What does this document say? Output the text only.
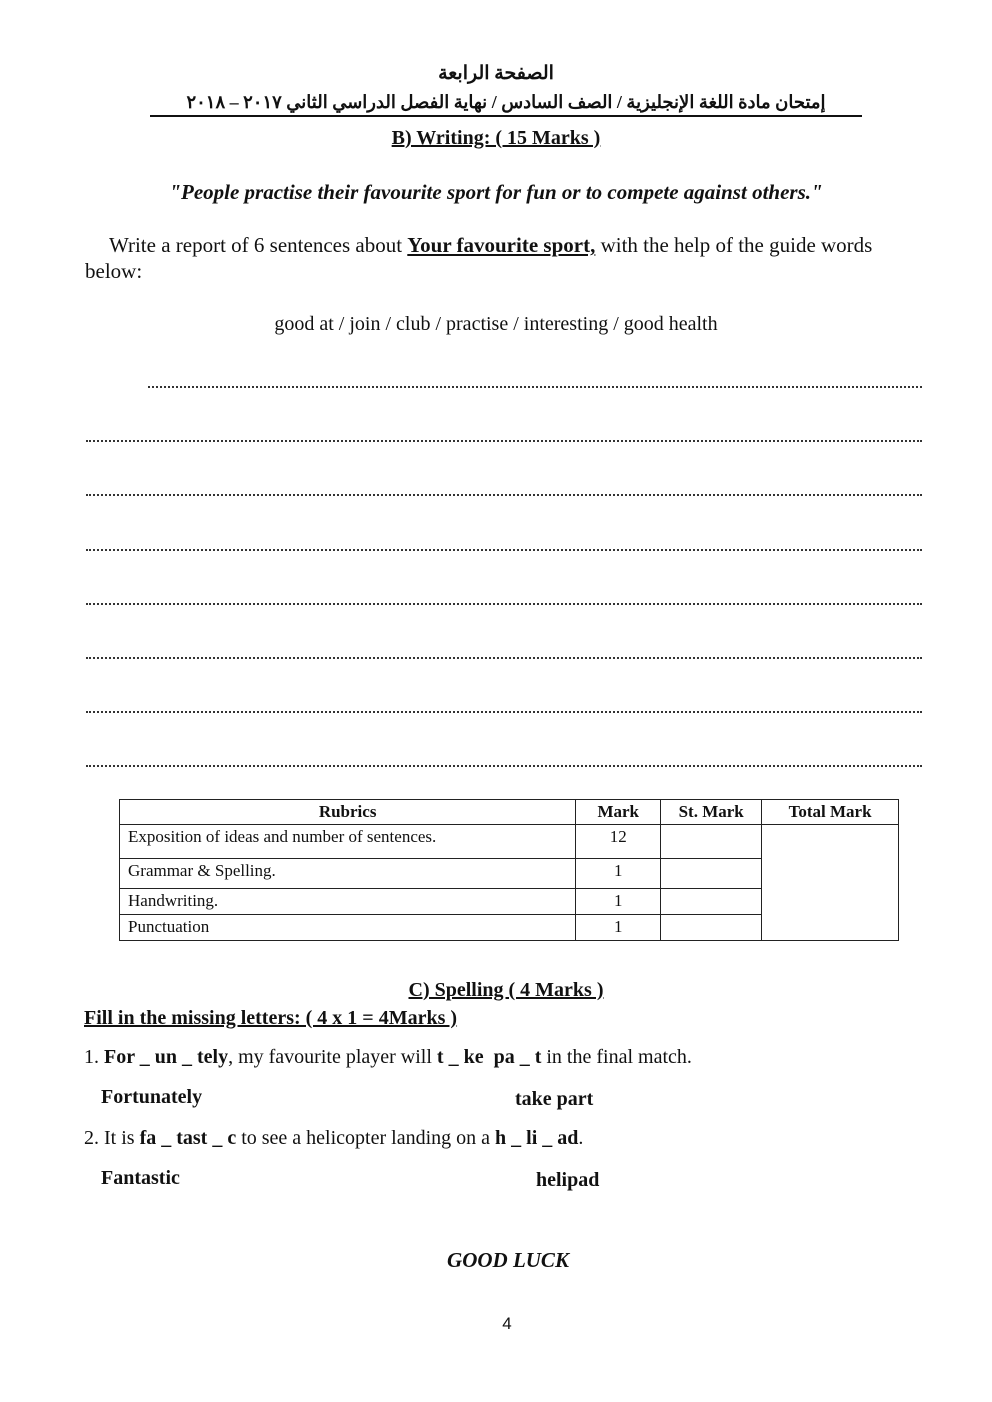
الصفحة الرابعة
إمتحان مادة اللغة الإنجليزية / الصف السادس / نهاية الفصل الدراسي الثاني ٢٠١٧ – ٢٠١٨
B) Writing: ( 15 Marks )
"People practise their favourite sport for fun or to compete against others."
Write a report of 6 sentences about Your favourite sport, with the help of the guide words below:
good at / join / club / practise / interesting / good health
Rubrics	Mark	St. Mark	Total Mark
Exposition of ideas and number of sentences.	12		
Grammar & Spelling.	1		
Handwriting.	1		
Punctuation	1		
C) Spelling ( 4 Marks )
Fill in the missing letters: ( 4 x 1 = 4Marks )
1. For _ un _ tely, my favourite player will t _ ke pa _ t in the final match.
Fortunately	take part
2. It is fa _ tast _ c to see a helicopter landing on a h _ li _ ad.
Fantastic	helipad
GOOD LUCK
4
